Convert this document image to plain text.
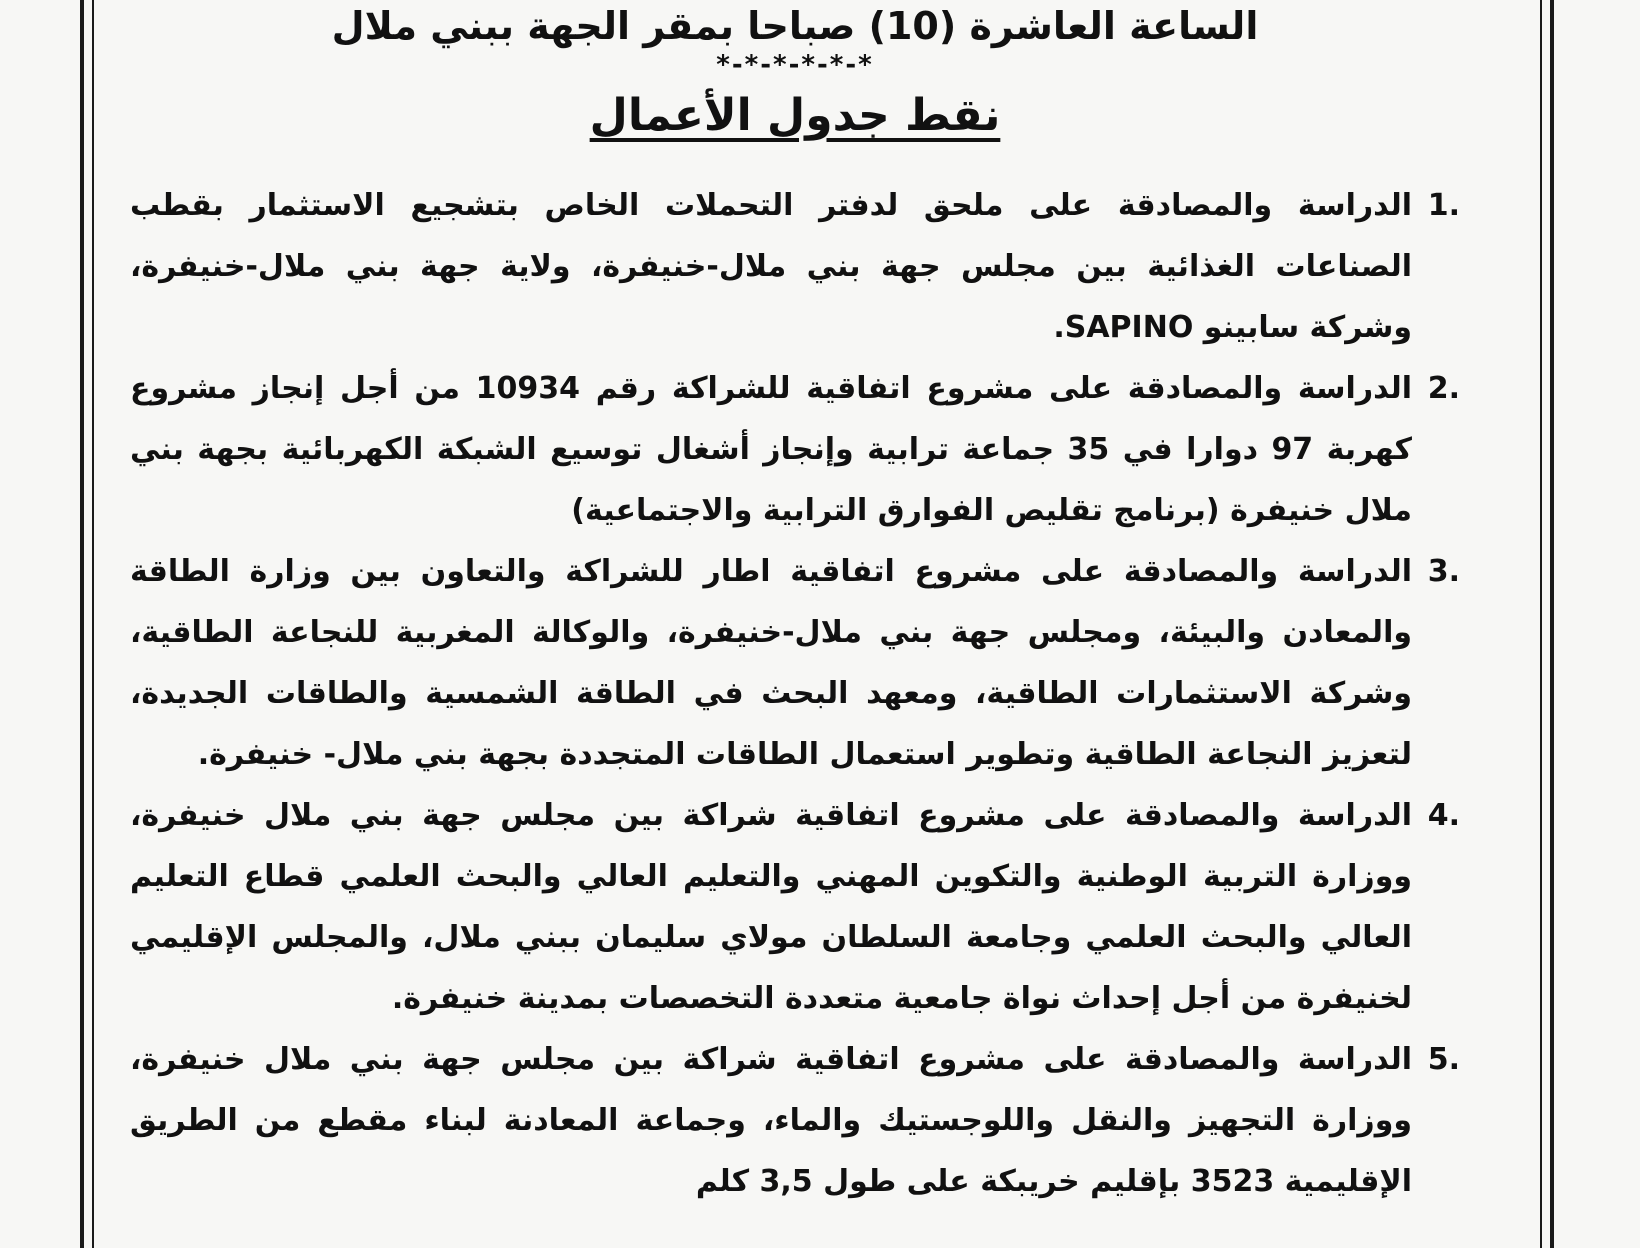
الساعة العاشرة (10) صباحا بمقر الجهة ببني ملال
*-*-*-*-*-*
نقط جدول الأعمال
1.
الدراسة والمصادقة على ملحق لدفتر التحملات الخاص بتشجيع الاستثمار بقطب الصناعات الغذائية بين مجلس جهة بني ملال-خنيفرة، ولاية جهة بني ملال-خنيفرة، وشركة سابينو SAPINO.
2.
الدراسة والمصادقة على مشروع اتفاقية للشراكة رقم 10934 من أجل إنجاز مشروع كهربة 97 دوارا في 35 جماعة ترابية وإنجاز أشغال توسيع الشبكة الكهربائية بجهة بني ملال خنيفرة (برنامج تقليص الفوارق الترابية والاجتماعية)
3.
الدراسة والمصادقة على مشروع اتفاقية اطار للشراكة والتعاون بين وزارة الطاقة والمعادن والبيئة، ومجلس جهة بني ملال-خنيفرة، والوكالة المغربية للنجاعة الطاقية، وشركة الاستثمارات الطاقية، ومعهد البحث في الطاقة الشمسية والطاقات الجديدة، لتعزيز النجاعة الطاقية وتطوير استعمال الطاقات المتجددة بجهة بني ملال- خنيفرة.
4.
الدراسة والمصادقة على مشروع اتفاقية شراكة بين مجلس جهة بني ملال خنيفرة، ووزارة التربية الوطنية والتكوين المهني والتعليم العالي والبحث العلمي قطاع التعليم العالي والبحث العلمي وجامعة السلطان مولاي سليمان ببني ملال، والمجلس الإقليمي لخنيفرة من أجل إحداث نواة جامعية متعددة التخصصات بمدينة خنيفرة.
5.
الدراسة والمصادقة على مشروع اتفاقية شراكة بين مجلس جهة بني ملال خنيفرة، ووزارة التجهيز والنقل واللوجستيك والماء، وجماعة المعادنة لبناء مقطع من الطريق الإقليمية 3523 بإقليم خريبكة على طول 3,5 كلم
